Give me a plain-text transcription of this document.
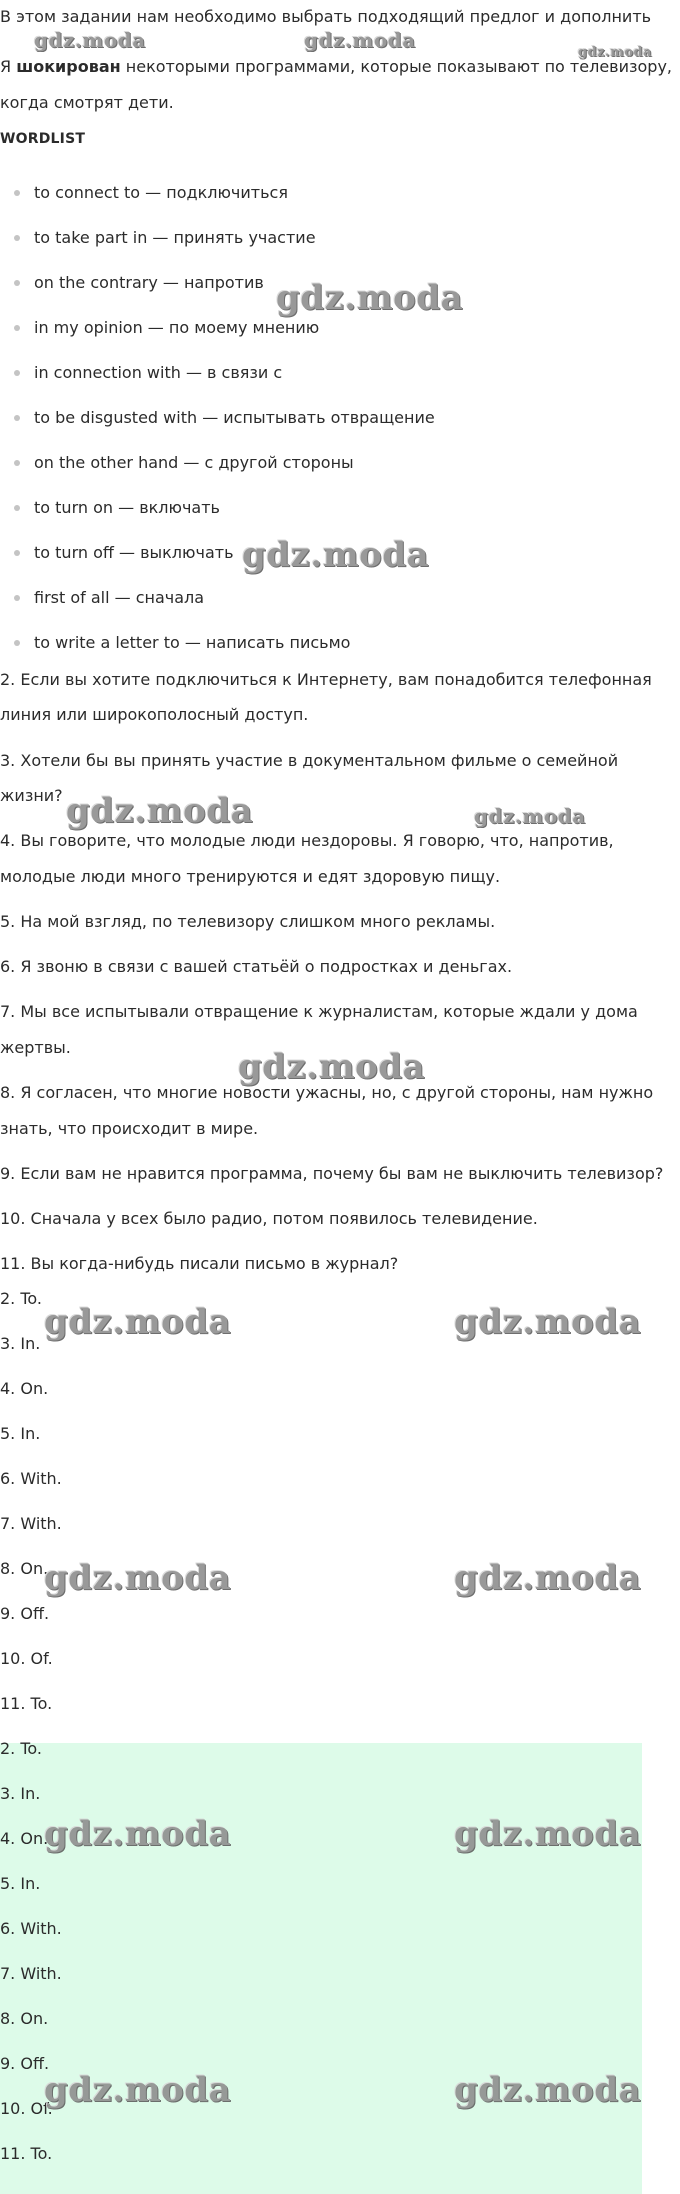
В этом задании нам необходимо выбрать подходящий предлог и дополнить
Я шокирован некоторыми программами, которые показывают по телевизору,
когда смотрят дети.
WORDLIST
to connect to — подключиться
to take part in — принять участие
on the contrary — напротив
in my opinion — по моему мнению
in connection with — в связи с
to be disgusted with — испытывать отвращение
on the other hand — с другой стороны
to turn on — включать
to turn off — выключать
first of all — сначала
to write a letter to — написать письмо
2. Если вы хотите подключиться к Интернету, вам понадобится телефонная
линия или широкополосный доступ.
3. Хотели бы вы принять участие в документальном фильме о семейной
жизни?
4. Вы говорите, что молодые люди нездоровы. Я говорю, что, напротив,
молодые люди много тренируются и едят здоровую пищу.
5. На мой взгляд, по телевизору слишком много рекламы.
6. Я звоню в связи с вашей статьёй о подростках и деньгах.
7. Мы все испытывали отвращение к журналистам, которые ждали у дома
жертвы.
8. Я согласен, что многие новости ужасны, но, с другой стороны, нам нужно
знать, что происходит в мире.
9. Если вам не нравится программа, почему бы вам не выключить телевизор?
10. Сначала у всех было радио, потом появилось телевидение.
11. Вы когда-нибудь писали письмо в журнал?
2. To.
3. In.
4. On.
5. In.
6. With.
7. With.
8. On.
9. Off.
10. Of.
11. To.
2. To.
3. In.
4. On.
5. In.
6. With.
7. With.
8. On.
9. Off.
10. Of.
11. To.
gdz.moda	gdz.moda
gdz.moda
gdz.moda
gdz.moda
gdz.moda	gdz.moda
gdz.moda
gdz.moda	gdz.moda
gdz.moda	gdz.moda
gdz.moda	gdz.moda
gdz.moda	gdz.moda
